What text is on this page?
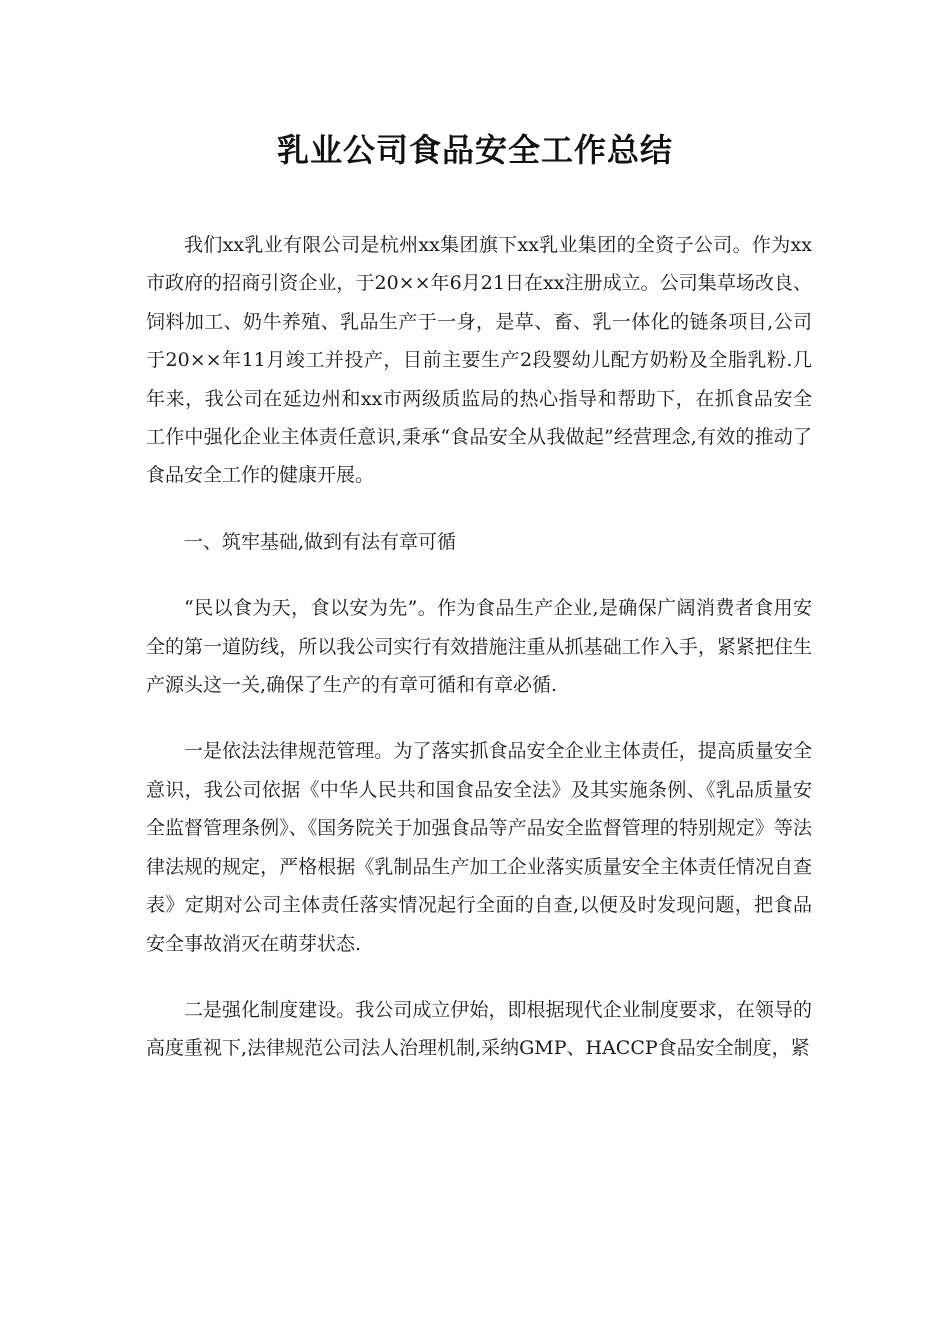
乳业公司食品安全工作总结

我们xx乳业有限公司是杭州xx集团旗下xx乳业集团的全资子公司。作为xx市政府的招商引资企业，于20××年6月21日在xx注册成立。公司集草场改良、饲料加工、奶牛养殖、乳品生产于一身，是草、畜、乳一体化的链条项目,公司于20××年11月竣工并投产，目前主要生产2段婴幼儿配方奶粉及全脂乳粉.几年来，我公司在延边州和xx市两级质监局的热心指导和帮助下，在抓食品安全工作中强化企业主体责任意识,秉承“食品安全从我做起”经营理念,有效的推动了食品安全工作的健康开展。

一、筑牢基础,做到有法有章可循

“民以食为天，食以安为先”。作为食品生产企业,是确保广阔消费者食用安全的第一道防线，所以我公司实行有效措施注重从抓基础工作入手，紧紧把住生产源头这一关,确保了生产的有章可循和有章必循.

一是依法法律规范管理。为了落实抓食品安全企业主体责任，提高质量安全意识，我公司依据《中华人民共和国食品安全法》及其实施条例、《乳品质量安全监督管理条例》、《国务院关于加强食品等产品安全监督管理的特别规定》等法律法规的规定，严格根据《乳制品生产加工企业落实质量安全主体责任情况自查表》定期对公司主体责任落实情况起行全面的自查,以便及时发现问题，把食品安全事故消灭在萌芽状态.

二是强化制度建设。我公司成立伊始，即根据现代企业制度要求，在领导的高度重视下,法律规范公司法人治理机制,采纳GMP、HACCP食品安全制度，紧
